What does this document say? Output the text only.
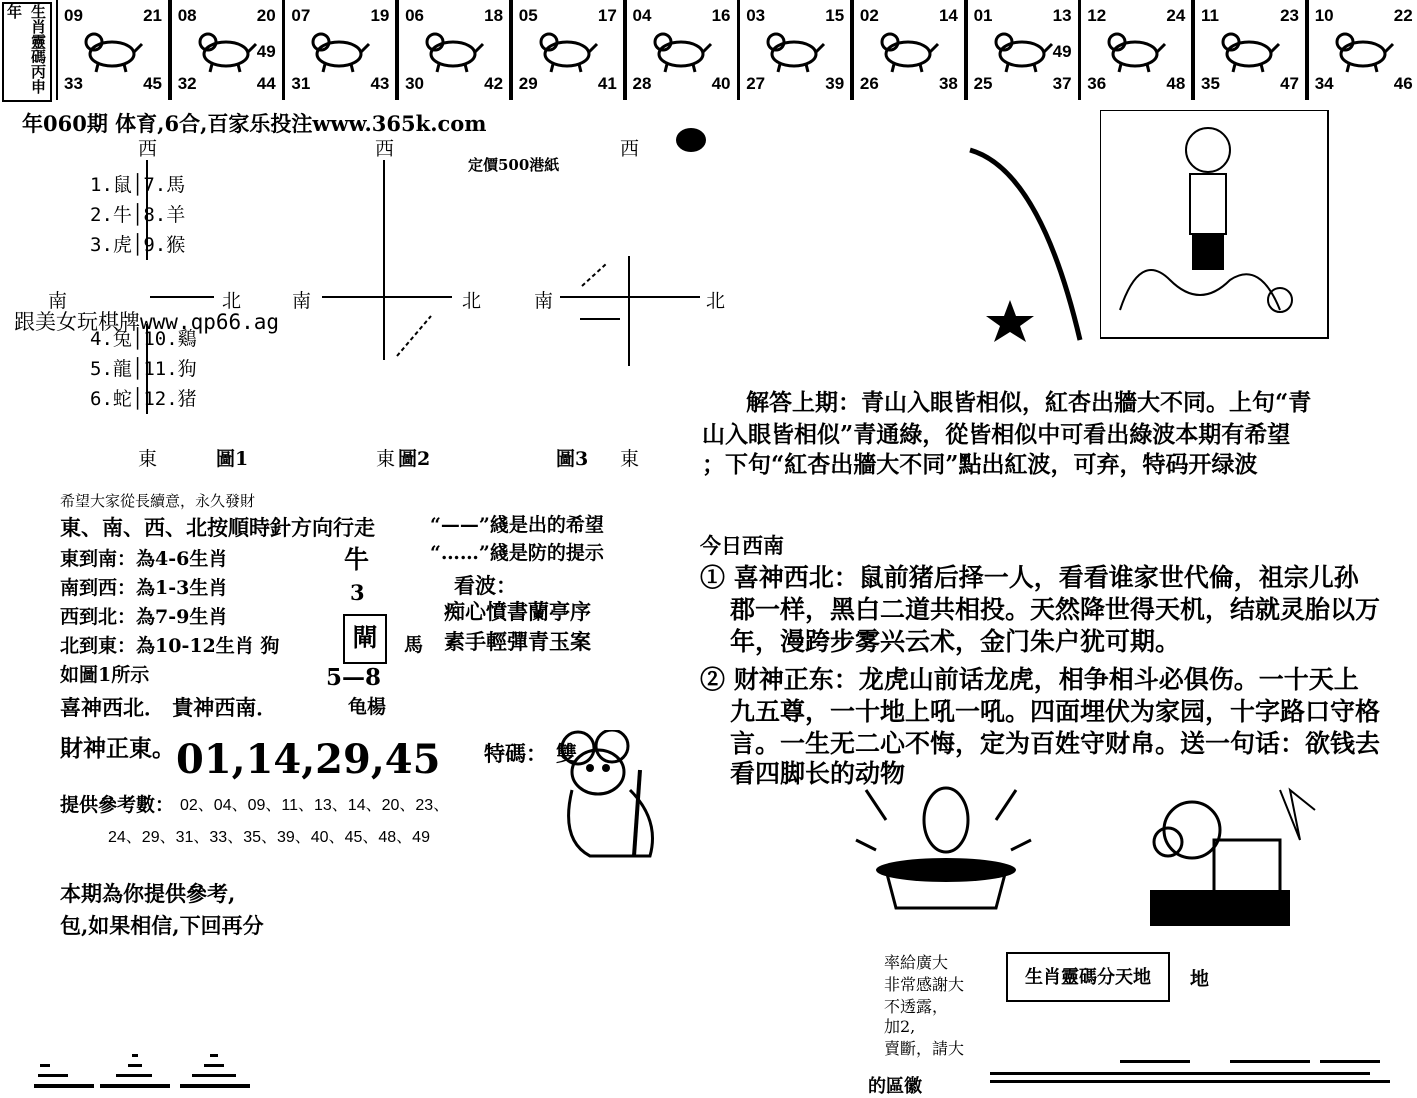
生肖靈碼丙申年	09	21
33	45
08	20
32	44
49
07	19
31	43
06	18
30	42
05	17
29	41
04	16
28	40
03	15
27	39
02	14
26	38
01	13
25	37
49
12	24
36	48
11	23
35	47
10	22
34	46
年060期 体育,6合,百家乐投注www.365k.com
定價500港紙
西	西	西
1.鼠│7.馬
2.牛│8.羊
3.虎│9.猴
4.兔│10.鷄
5.龍│11.狗
6.蛇│12.猪
南	北	南	北	南	北
東	東	東
圖1	圖2	圖3
跟美女玩棋牌www.qp66.ag
解答上期：青山入眼皆相似，紅杏出牆大不同。上句“青
山入眼皆相似”青通綠，從皆相似中可看出綠波本期有希望
；下句“紅杏出牆大不同”點出紅波，可弃，特码开绿波
希望大家從長續意，永久發財
東、南、西、北按順時針方向行走	“——”綫是出的希望
“……”綫是防的提示
東到南：為4-6生肖
南到西：為1-3生肖
西到北：為7-9生肖
北到東：為10-12生肖 狗
如圖1所示
牛
3
閘	馬
5—8
龟楊
看波：
痴心憤書蘭亭序
素手輕彈青玉案
喜神西北． 貴神西南．
財神正東。 01,14,29,45 特碼： 雙
提供參考數： 02、04、09、11、13、14、20、23、
24、29、31、33、35、39、40、45、48、49
本期為你提供參考,
包,如果相信,下回再分
今日西南
① 喜神西北：鼠前猪后择一人，看看谁家世代倫，祖宗儿孙
郡一样，黑白二道共相投。天然降世得天机，结就灵胎以万
年，漫跨步雾兴云术，金门朱户犹可期。
② 财神正东：龙虎山前话龙虎，相争相斗必俱伤。一十天上
九五尊，一十地上吼一吼。四面埋伏为家园，十字路口守格
言。一生无二心不悔，定为百姓守财帛。送一句话：欲钱去
看四脚长的动物
率給廣大
非常感謝大
不透露，
加2,
賣斷，請大
的區徽
生肖靈碼分天地	地
